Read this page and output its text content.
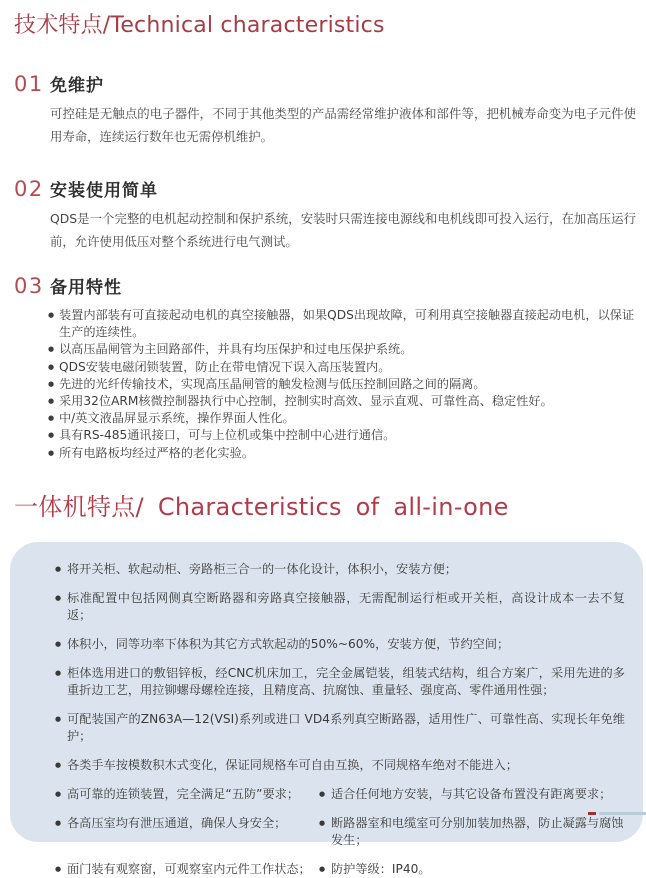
技术特点/Technical characteristics
01 免维护

可控硅是无触点的电子器件，不同于其他类型的产品需经常维护液体和部件等，把机械寿命变为电子元件使用寿命，连续运行数年也无需停机维护。

02 安装使用简单

QDS是一个完整的电机起动控制和保护系统，安装时只需连接电源线和电机线即可投入运行，在加高压运行前，允许使用低压对整个系统进行电气测试。

03 备用特性
● 装置内部装有可直接起动电机的真空接触器，如果QDS出现故障，可利用真空接触器直接起动电机，以保证生产的连续性。
● 以高压晶闸管为主回路部件，并具有均压保护和过电压保护系统。
● QDS安装电磁闭锁装置，防止在带电情况下误入高压装置内。
● 先进的光纤传输技术，实现高压晶闸管的触发检测与低压控制回路之间的隔离。
● 采用32位ARM核微控制器执行中心控制，控制实时高效、显示直观、可靠性高、稳定性好。
● 中/英文液晶屏显示系统，操作界面人性化。
● 具有RS-485通讯接口，可与上位机或集中控制中心进行通信。
● 所有电路板均经过严格的老化实验。
一体机特点/ Characteristics of all-in-one
● 将开关柜、软起动柜、旁路柜三合一的一体化设计，体积小，安装方便；
● 标准配置中包括网侧真空断路器和旁路真空接触器，无需配制运行柜或开关柜，高设计成本一去不复返；
● 体积小，同等功率下体积为其它方式软起动的50%~60%，安装方便，节约空间；
● 柜体选用进口的敷铝锌板，经CNC机床加工，完全金属铠装，组装式结构，组合方案广，采用先进的多重折边工艺，用拉铆螺母螺栓连接，且精度高、抗腐蚀、重量轻、强度高、零件通用性强；
● 可配装国产的ZN63A—12(VSI)系列或进口 VD4系列真空断路器，适用性广、可靠性高、实现长年免维护；
● 各类手车按模数积木式变化，保证同规格车可自由互换，不同规格车绝对不能进入；
● 高可靠的连锁装置，完全满足“五防”要求；	● 适合任何地方安装，与其它设备布置没有距离要求；
● 各高压室均有泄压通道，确保人身安全；	● 断路器室和电缆室可分别加装加热器，防止凝露与腐蚀发生；
● 面门装有观察窗，可观察室内元件工作状态；	● 防护等级：IP40。
